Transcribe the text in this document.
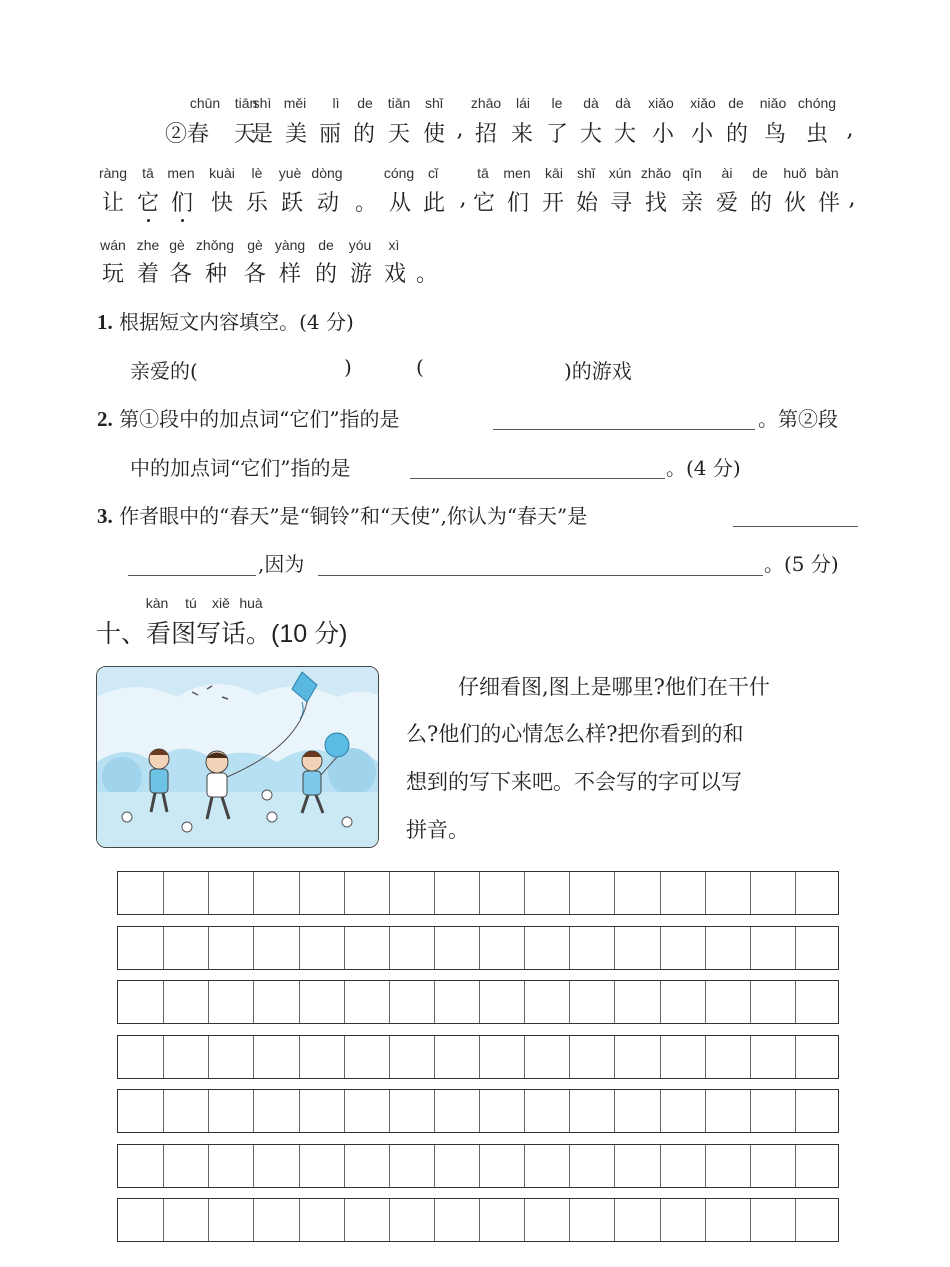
chūn tiān
shì měi lì de tiān shǐ zhāo lái le dà dà xiǎo xiǎo de niǎo chóng
②春 天
是 美 丽 的 天 使 , 招 来 了 大 大 小 小 的 鸟 虫 ,
ràng tā men kuài lè yuè dòng	cóng cǐ	tā men kāi shǐ xún zhǎo qīn ài de huǒ bàn
让 它 们 快 乐 跃 动 。 从 此 , 它 们 开 始 寻 找 亲 爱 的 伙 伴 ,
wán zhe gè zhǒng gè yàng de yóu xì
玩 着 各 种 各 样 的 游 戏 。
1. 根据短文内容填空。(4 分)
亲爱的(	)	(	)的游戏
2. 第①段中的加点词“它们”指的是	。第②段
中的加点词“它们”指的是	。(4 分)
3. 作者眼中的“春天”是“铜铃”和“天使”,你认为“春天”是
,因为	。(5 分)
kàn tú xiě huà
十、看图写话。(10 分)
仔细看图,图上是哪里?他们在干什
么?他们的心情怎么样?把你看到的和
想到的写下来吧。不会写的字可以写
拼音。
